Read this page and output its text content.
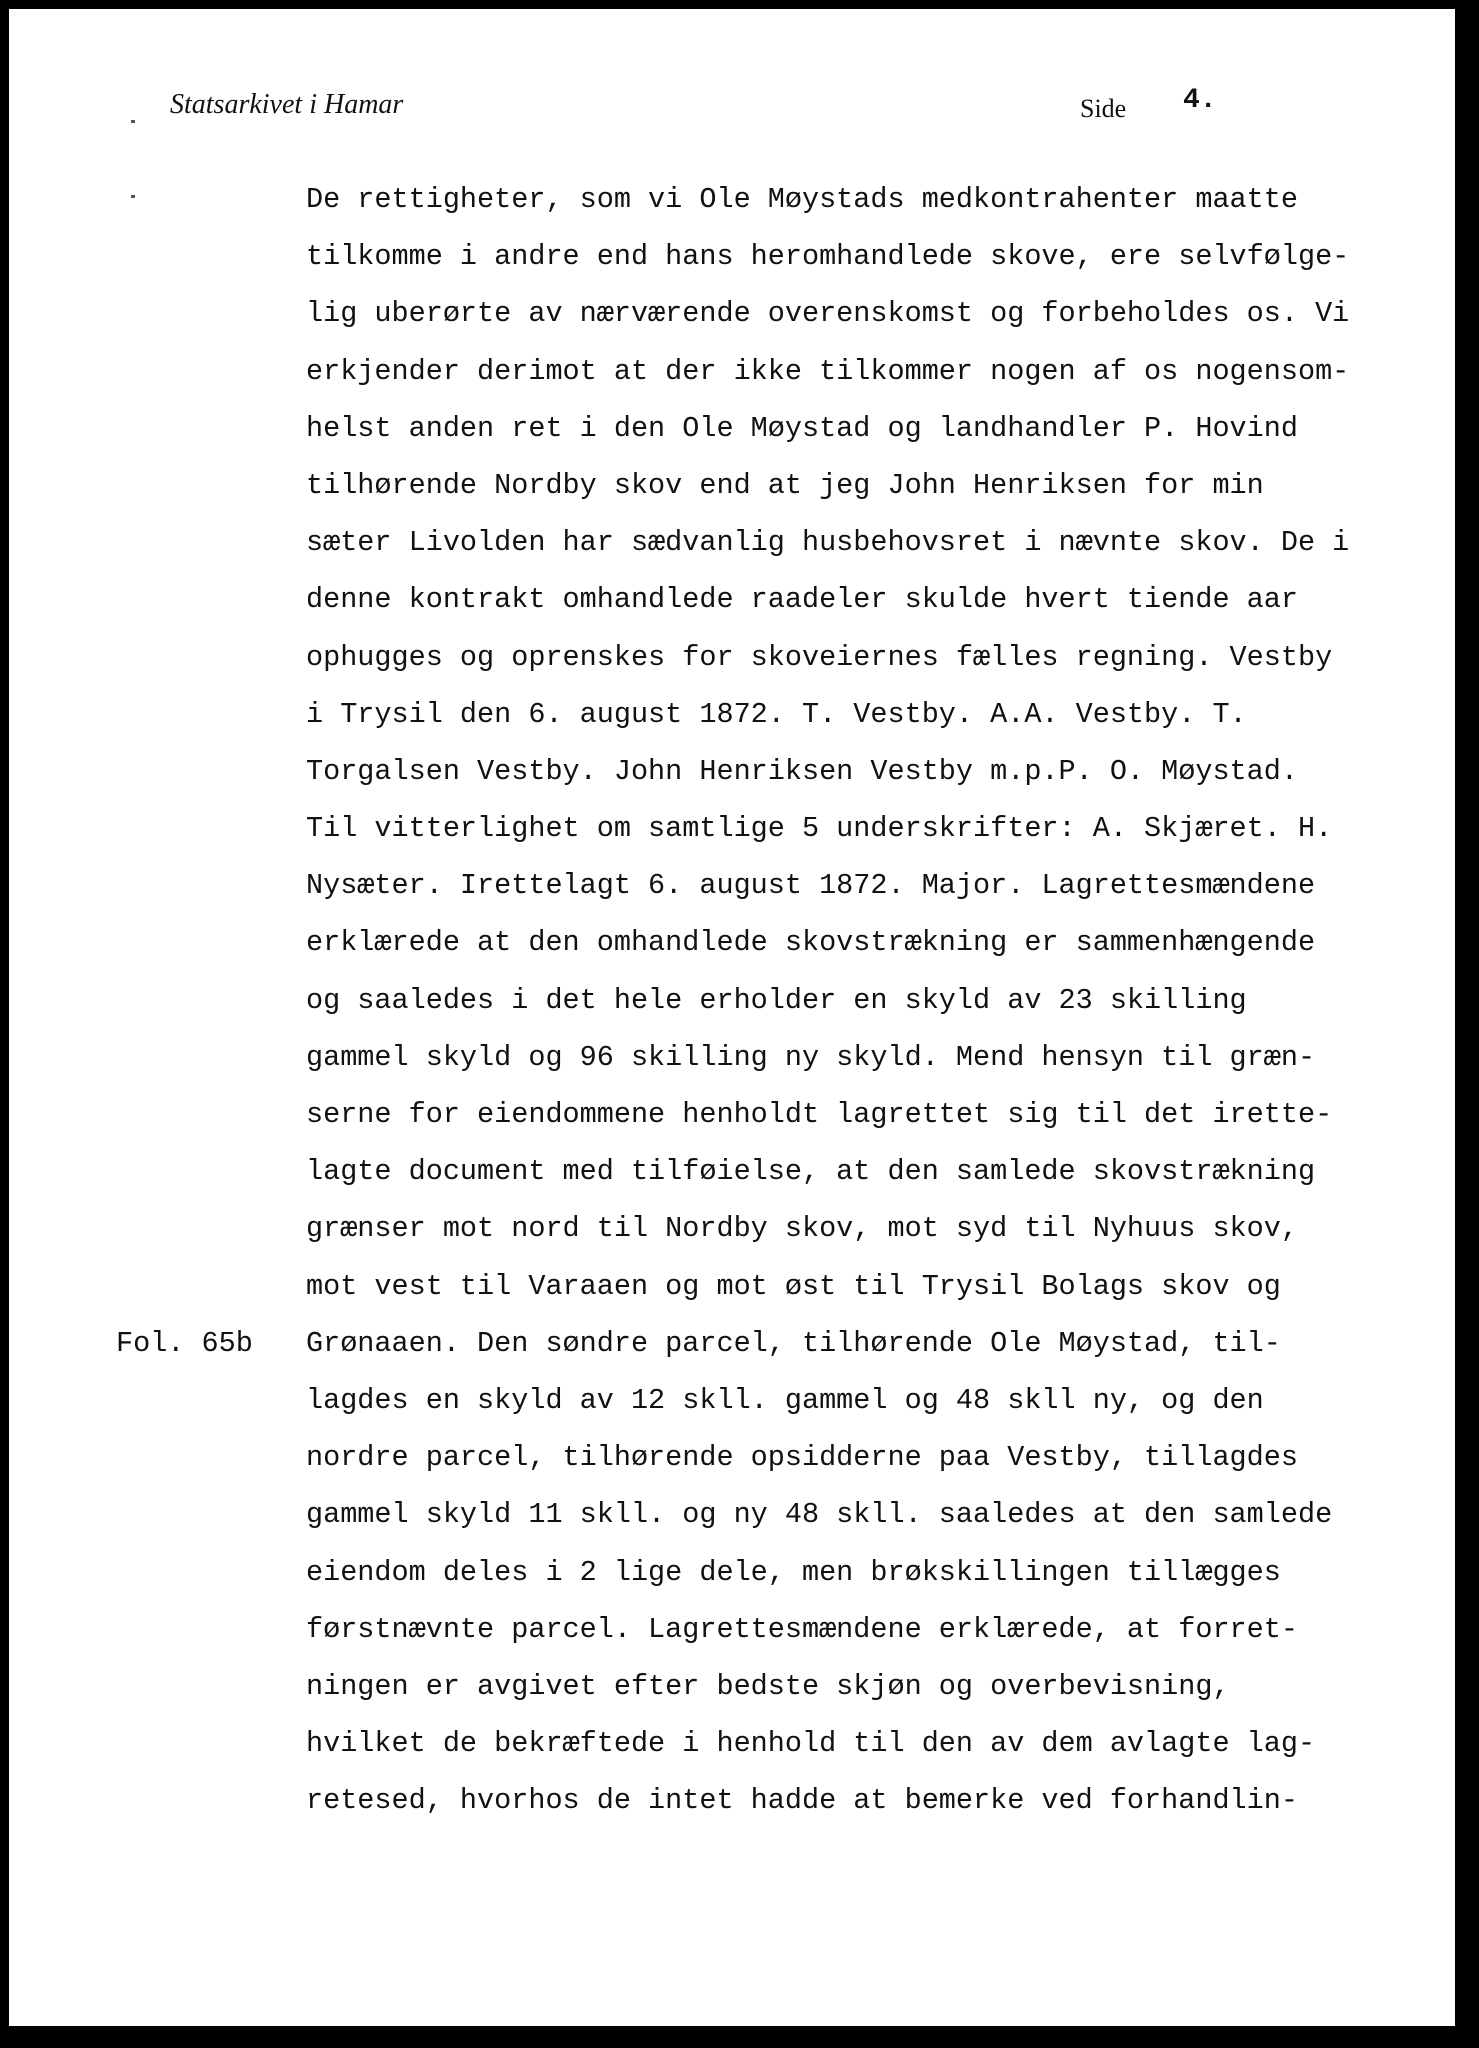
Statsarkivet i Hamar	Side 4.
Fol. 65b
De rettigheter, som vi Ole Møystads medkontrahenter maatte
tilkomme i andre end hans heromhandlede skove, ere selvfølge-
lig uberørte av nærværende overenskomst og forbeholdes os. Vi
erkjender derimot at der ikke tilkommer nogen af os nogensom-
helst anden ret i den Ole Møystad og landhandler P. Hovind
tilhørende Nordby skov end at jeg John Henriksen for min
sæter Livolden har sædvanlig husbehovsret i nævnte skov. De i
denne kontrakt omhandlede raadeler skulde hvert tiende aar
ophugges og oprenskes for skoveiernes fælles regning. Vestby
i Trysil den 6. august 1872. T. Vestby. A.A. Vestby. T.
Torgalsen Vestby. John Henriksen Vestby m.p.P. O. Møystad.
Til vitterlighet om samtlige 5 underskrifter: A. Skjæret. H.
Nysæter. Irettelagt 6. august 1872. Major. Lagrettesmændene
erklærede at den omhandlede skovstrækning er sammenhængende
og saaledes i det hele erholder en skyld av 23 skilling
gammel skyld og 96 skilling ny skyld. Mend hensyn til græn-
serne for eiendommene henholdt lagrettet sig til det irette-
lagte document med tilføielse, at den samlede skovstrækning
grænser mot nord til Nordby skov, mot syd til Nyhuus skov,
mot vest til Varaaen og mot øst til Trysil Bolags skov og
Grønaaen. Den søndre parcel, tilhørende Ole Møystad, til-
lagdes en skyld av 12 skll. gammel og 48 skll ny, og den
nordre parcel, tilhørende opsidderne paa Vestby, tillagdes
gammel skyld 11 skll. og ny 48 skll. saaledes at den samlede
eiendom deles i 2 lige dele, men brøkskillingen tillægges
førstnævnte parcel. Lagrettesmændene erklærede, at forret-
ningen er avgivet efter bedste skjøn og overbevisning,
hvilket de bekræftede i henhold til den av dem avlagte lag-
retesed, hvorhos de intet hadde at bemerke ved forhandlin-
